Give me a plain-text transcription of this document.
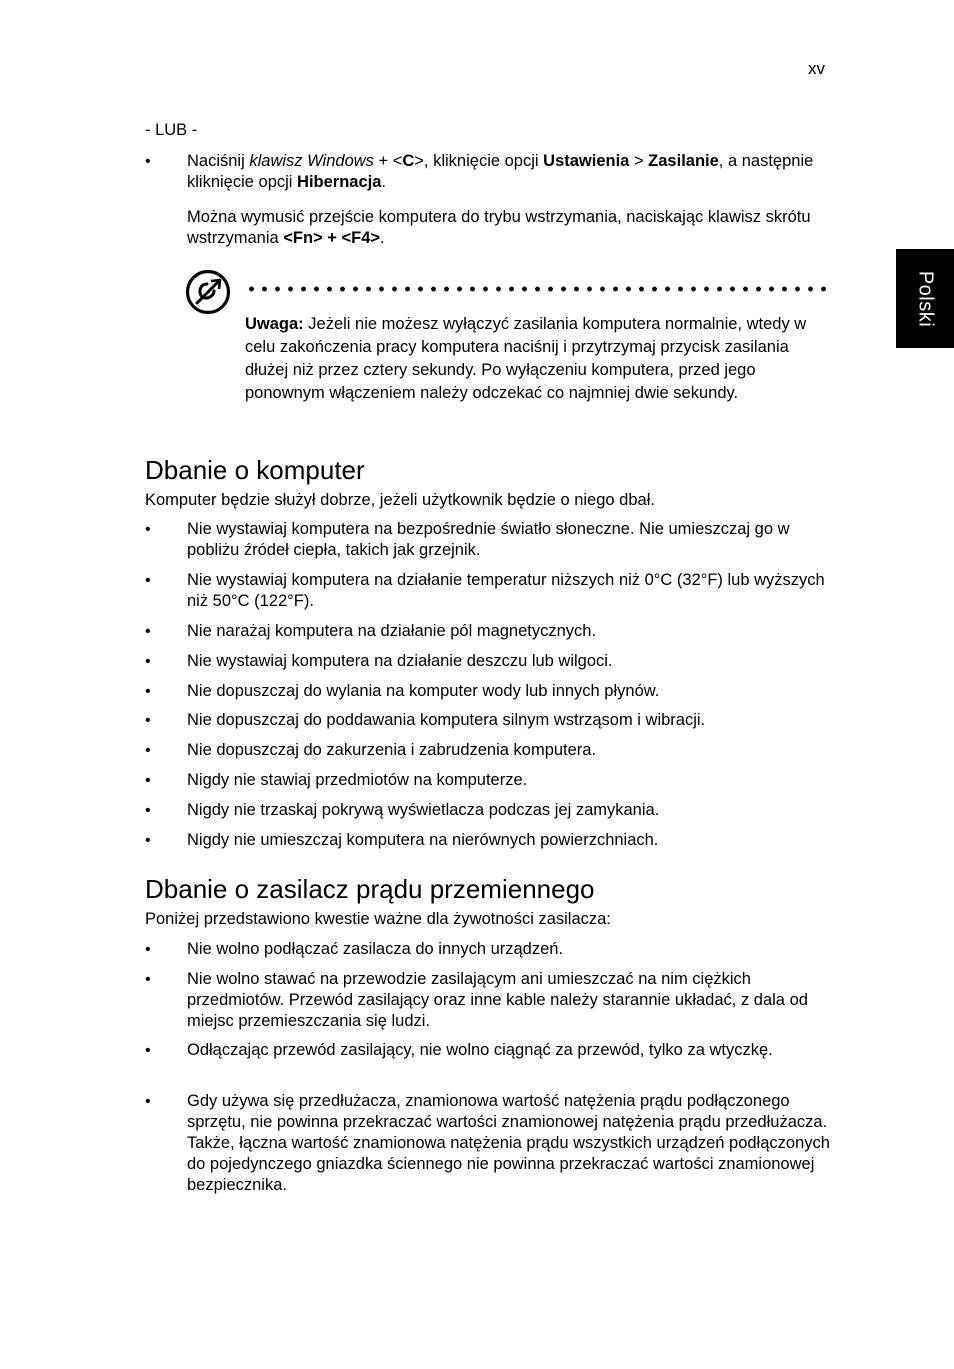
xv
Polski
- LUB -
• Naciśnij klawisz Windows + <C>, kliknięcie opcji Ustawienia > Zasilanie, a następnie kliknięcie opcji Hibernacja.
Można wymusić przejście komputera do trybu wstrzymania, naciskając klawisz skrótu wstrzymania <Fn> + <F4>.
Uwaga: Jeżeli nie możesz wyłączyć zasilania komputera normalnie, wtedy w celu zakończenia pracy komputera naciśnij i przytrzymaj przycisk zasilania dłużej niż przez cztery sekundy. Po wyłączeniu komputera, przed jego ponownym włączeniem należy odczekać co najmniej dwie sekundy.
Dbanie o komputer
Komputer będzie służył dobrze, jeżeli użytkownik będzie o niego dbał.
• Nie wystawiaj komputera na bezpośrednie światło słoneczne. Nie umieszczaj go w pobliżu źródeł ciepła, takich jak grzejnik.
• Nie wystawiaj komputera na działanie temperatur niższych niż 0°C (32°F) lub wyższych niż 50°C (122°F).
• Nie narażaj komputera na działanie pól magnetycznych.
• Nie wystawiaj komputera na działanie deszczu lub wilgoci.
• Nie dopuszczaj do wylania na komputer wody lub innych płynów.
• Nie dopuszczaj do poddawania komputera silnym wstrząsom i wibracji.
• Nie dopuszczaj do zakurzenia i zabrudzenia komputera.
• Nigdy nie stawiaj przedmiotów na komputerze.
• Nigdy nie trzaskaj pokrywą wyświetlacza podczas jej zamykania.
• Nigdy nie umieszczaj komputera na nierównych powierzchniach.
Dbanie o zasilacz prądu przemiennego
Poniżej przedstawiono kwestie ważne dla żywotności zasilacza:
• Nie wolno podłączać zasilacza do innych urządzeń.
• Nie wolno stawać na przewodzie zasilającym ani umieszczać na nim ciężkich przedmiotów. Przewód zasilający oraz inne kable należy starannie układać, z dala od miejsc przemieszczania się ludzi.
• Odłączając przewód zasilający, nie wolno ciągnąć za przewód, tylko za wtyczkę.
• Gdy używa się przedłużacza, znamionowa wartość natężenia prądu podłączonego sprzętu, nie powinna przekraczać wartości znamionowej natężenia prądu przedłużacza. Także, łączna wartość znamionowa natężenia prądu wszystkich urządzeń podłączonych do pojedynczego gniazdka ściennego nie powinna przekraczać wartości znamionowej bezpiecznika.
